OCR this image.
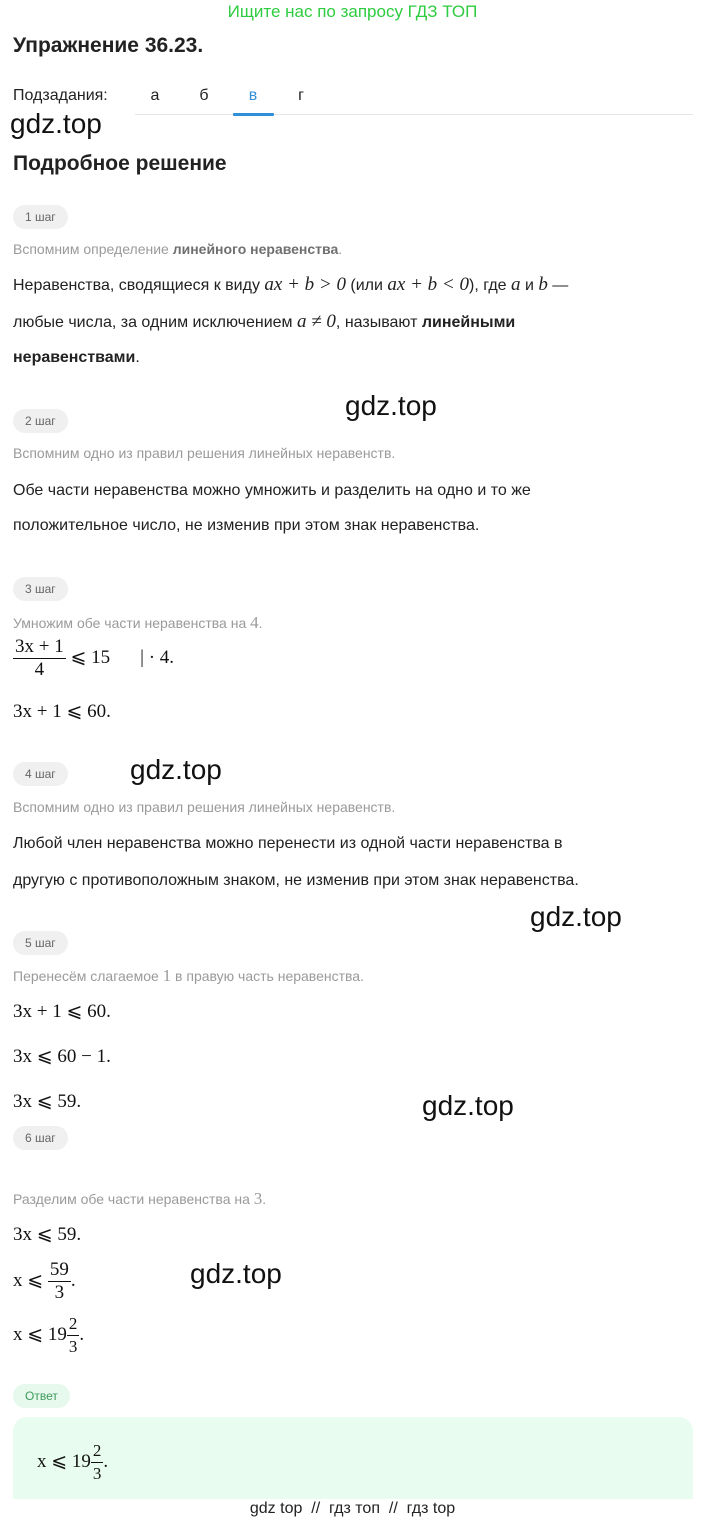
Ищите нас по запросу ГДЗ ТОП
Упражнение 36.23.
Подзадания:	а	б	в	г
gdz.top
gdz.top
gdz.top
gdz.top
gdz.top
gdz.top
Подробное решение
1 шаг
Вспомним определение линейного неравенства.
Неравенства, сводящиеся к виду ax + b > 0 (или ax + b < 0), где a и b —
любые числа, за одним исключением a ≠ 0, называют линейными
неравенствами.
2 шаг
Вспомним одно из правил решения линейных неравенств.
Обе части неравенства можно умножить и разделить на одно и то же
положительное число, не изменив при этом знак неравенства.
3 шаг
Умножим обе части неравенства на 4.
$\frac{3x + 1}{4}$ ⩽ 15 | · 4.
3x + 1 ⩽ 60.
4 шаг
Вспомним одно из правил решения линейных неравенств.
Любой член неравенства можно перенести из одной части неравенства в
другую с противоположным знаком, не изменив при этом знак неравенства.
5 шаг
Перенесём слагаемое 1 в правую часть неравенства.
3x + 1 ⩽ 60.
3x ⩽ 60 − 1.
3x ⩽ 59.
6 шаг
Разделим обе части неравенства на 3.
3x ⩽ 59.
x ⩽ $\frac{59}{3}$ .
x ⩽ $19 \frac{2}{3}$ .
Ответ
x ⩽ $19 \frac{2}{3}$ .
gdz top  //  гдз топ  //  гдз top
